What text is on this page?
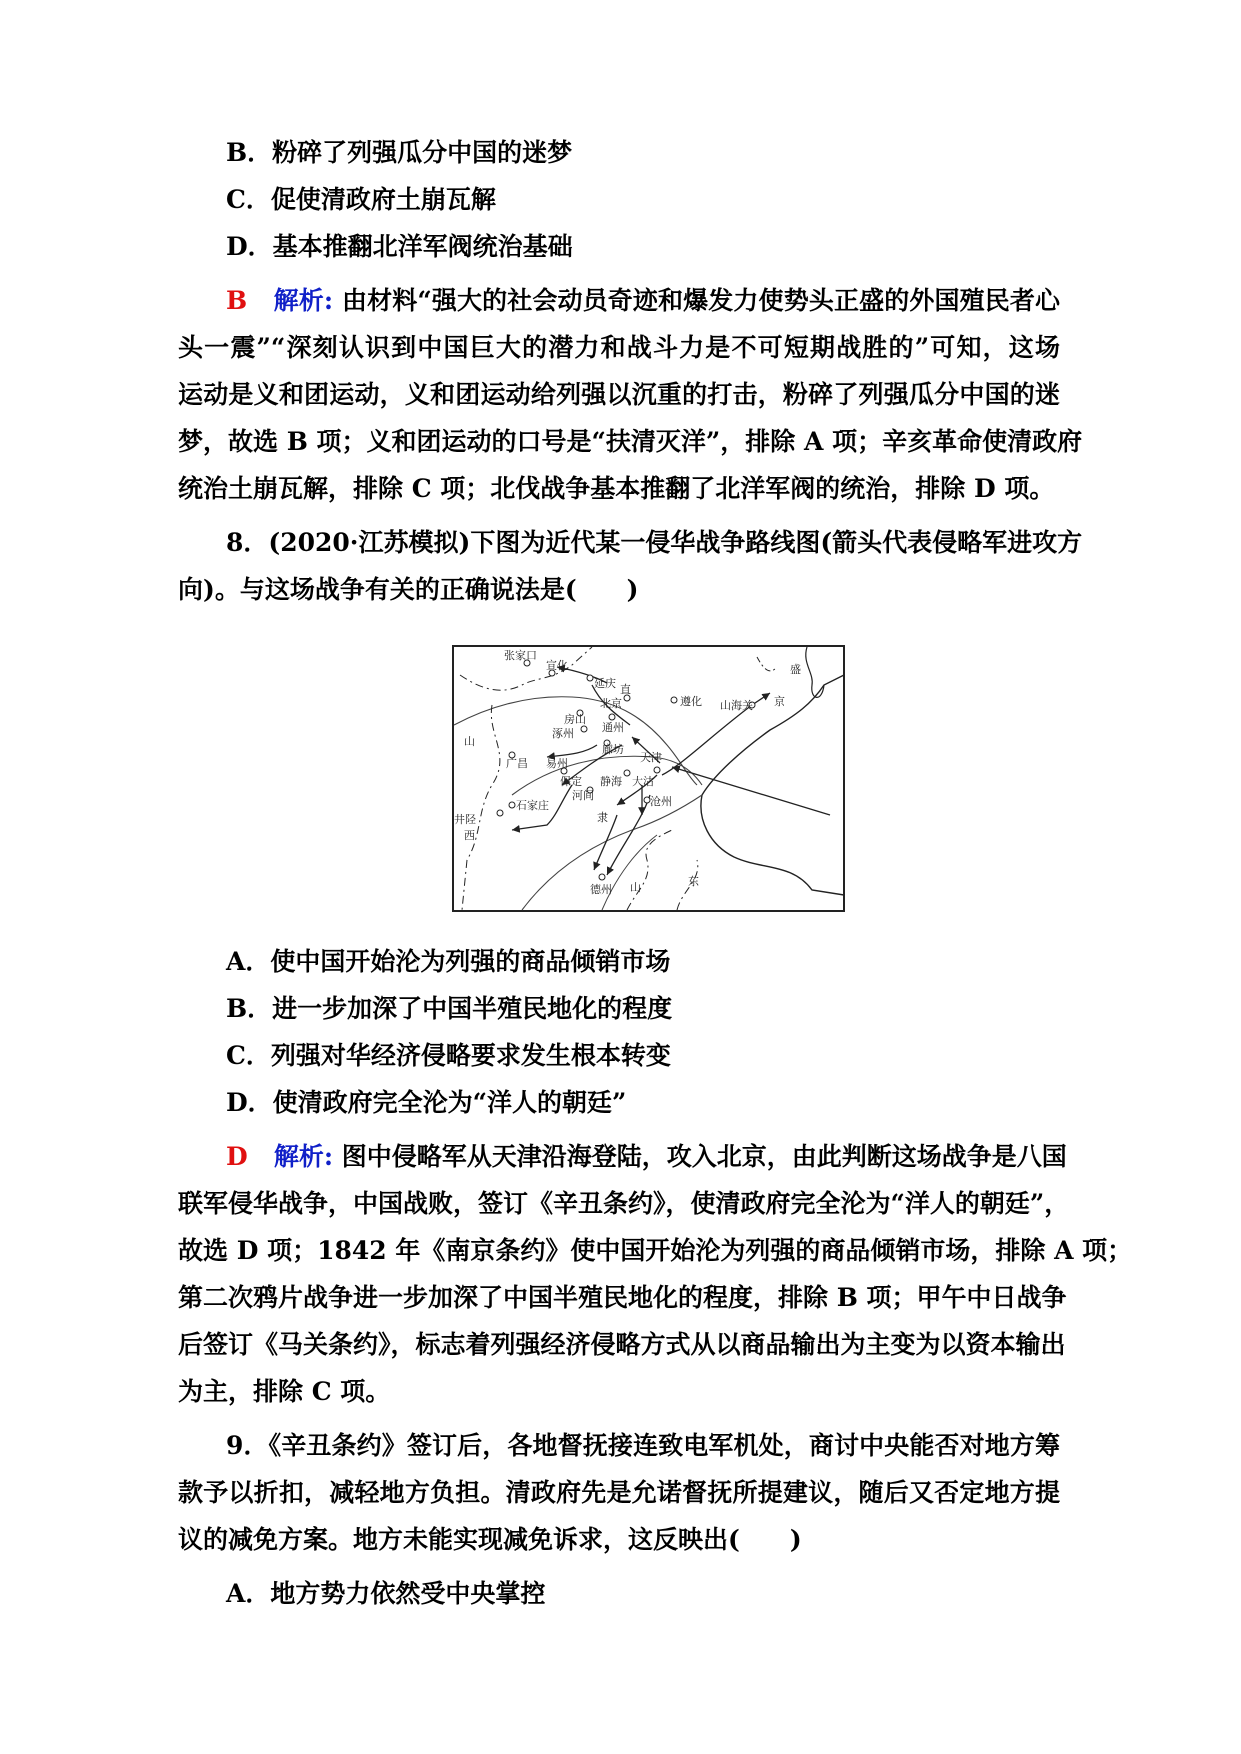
B．粉碎了列强瓜分中国的迷梦
C．促使清政府土崩瓦解
D．基本推翻北洋军阀统治基础
B 解析: 由材料“强大的社会动员奇迹和爆发力使势头正盛的外国殖民者心
头一震”“深刻认识到中国巨大的潜力和战斗力是不可短期战胜的”可知，这场
运动是义和团运动，义和团运动给列强以沉重的打击，粉碎了列强瓜分中国的迷
梦，故选 B 项；义和团运动的口号是“扶清灭洋”，排除 A 项；辛亥革命使清政府
统治土崩瓦解，排除 C 项；北伐战争基本推翻了北洋军阀的统治，排除 D 项。
8．(2020·江苏模拟)下图为近代某一侵华战争路线图(箭头代表侵略军进攻方
向)。与这场战争有关的正确说法是(　　)
张家口
宣化
延庆 直
盛
北京	遵化 山海关 京
房山
通州
涿州
山
廊坊
广昌 易州	天津
保定 静海 大沽
河间	沧州
隶
井陉
石家庄
西
德州 山	东
A．使中国开始沦为列强的商品倾销市场
B．进一步加深了中国半殖民地化的程度
C．列强对华经济侵略要求发生根本转变
D．使清政府完全沦为“洋人的朝廷”
D 解析: 图中侵略军从天津沿海登陆，攻入北京，由此判断这场战争是八国
联军侵华战争，中国战败，签订《辛丑条约》，使清政府完全沦为“洋人的朝廷”，
故选 D 项；1842 年《南京条约》使中国开始沦为列强的商品倾销市场，排除 A 项；
第二次鸦片战争进一步加深了中国半殖民地化的程度，排除 B 项；甲午中日战争
后签订《马关条约》，标志着列强经济侵略方式从以商品输出为主变为以资本输出
为主，排除 C 项。
9．《辛丑条约》签订后，各地督抚接连致电军机处，商讨中央能否对地方筹
款予以折扣，减轻地方负担。清政府先是允诺督抚所提建议，随后又否定地方提
议的减免方案。地方未能实现减免诉求，这反映出(　　)
A．地方势力依然受中央掌控
